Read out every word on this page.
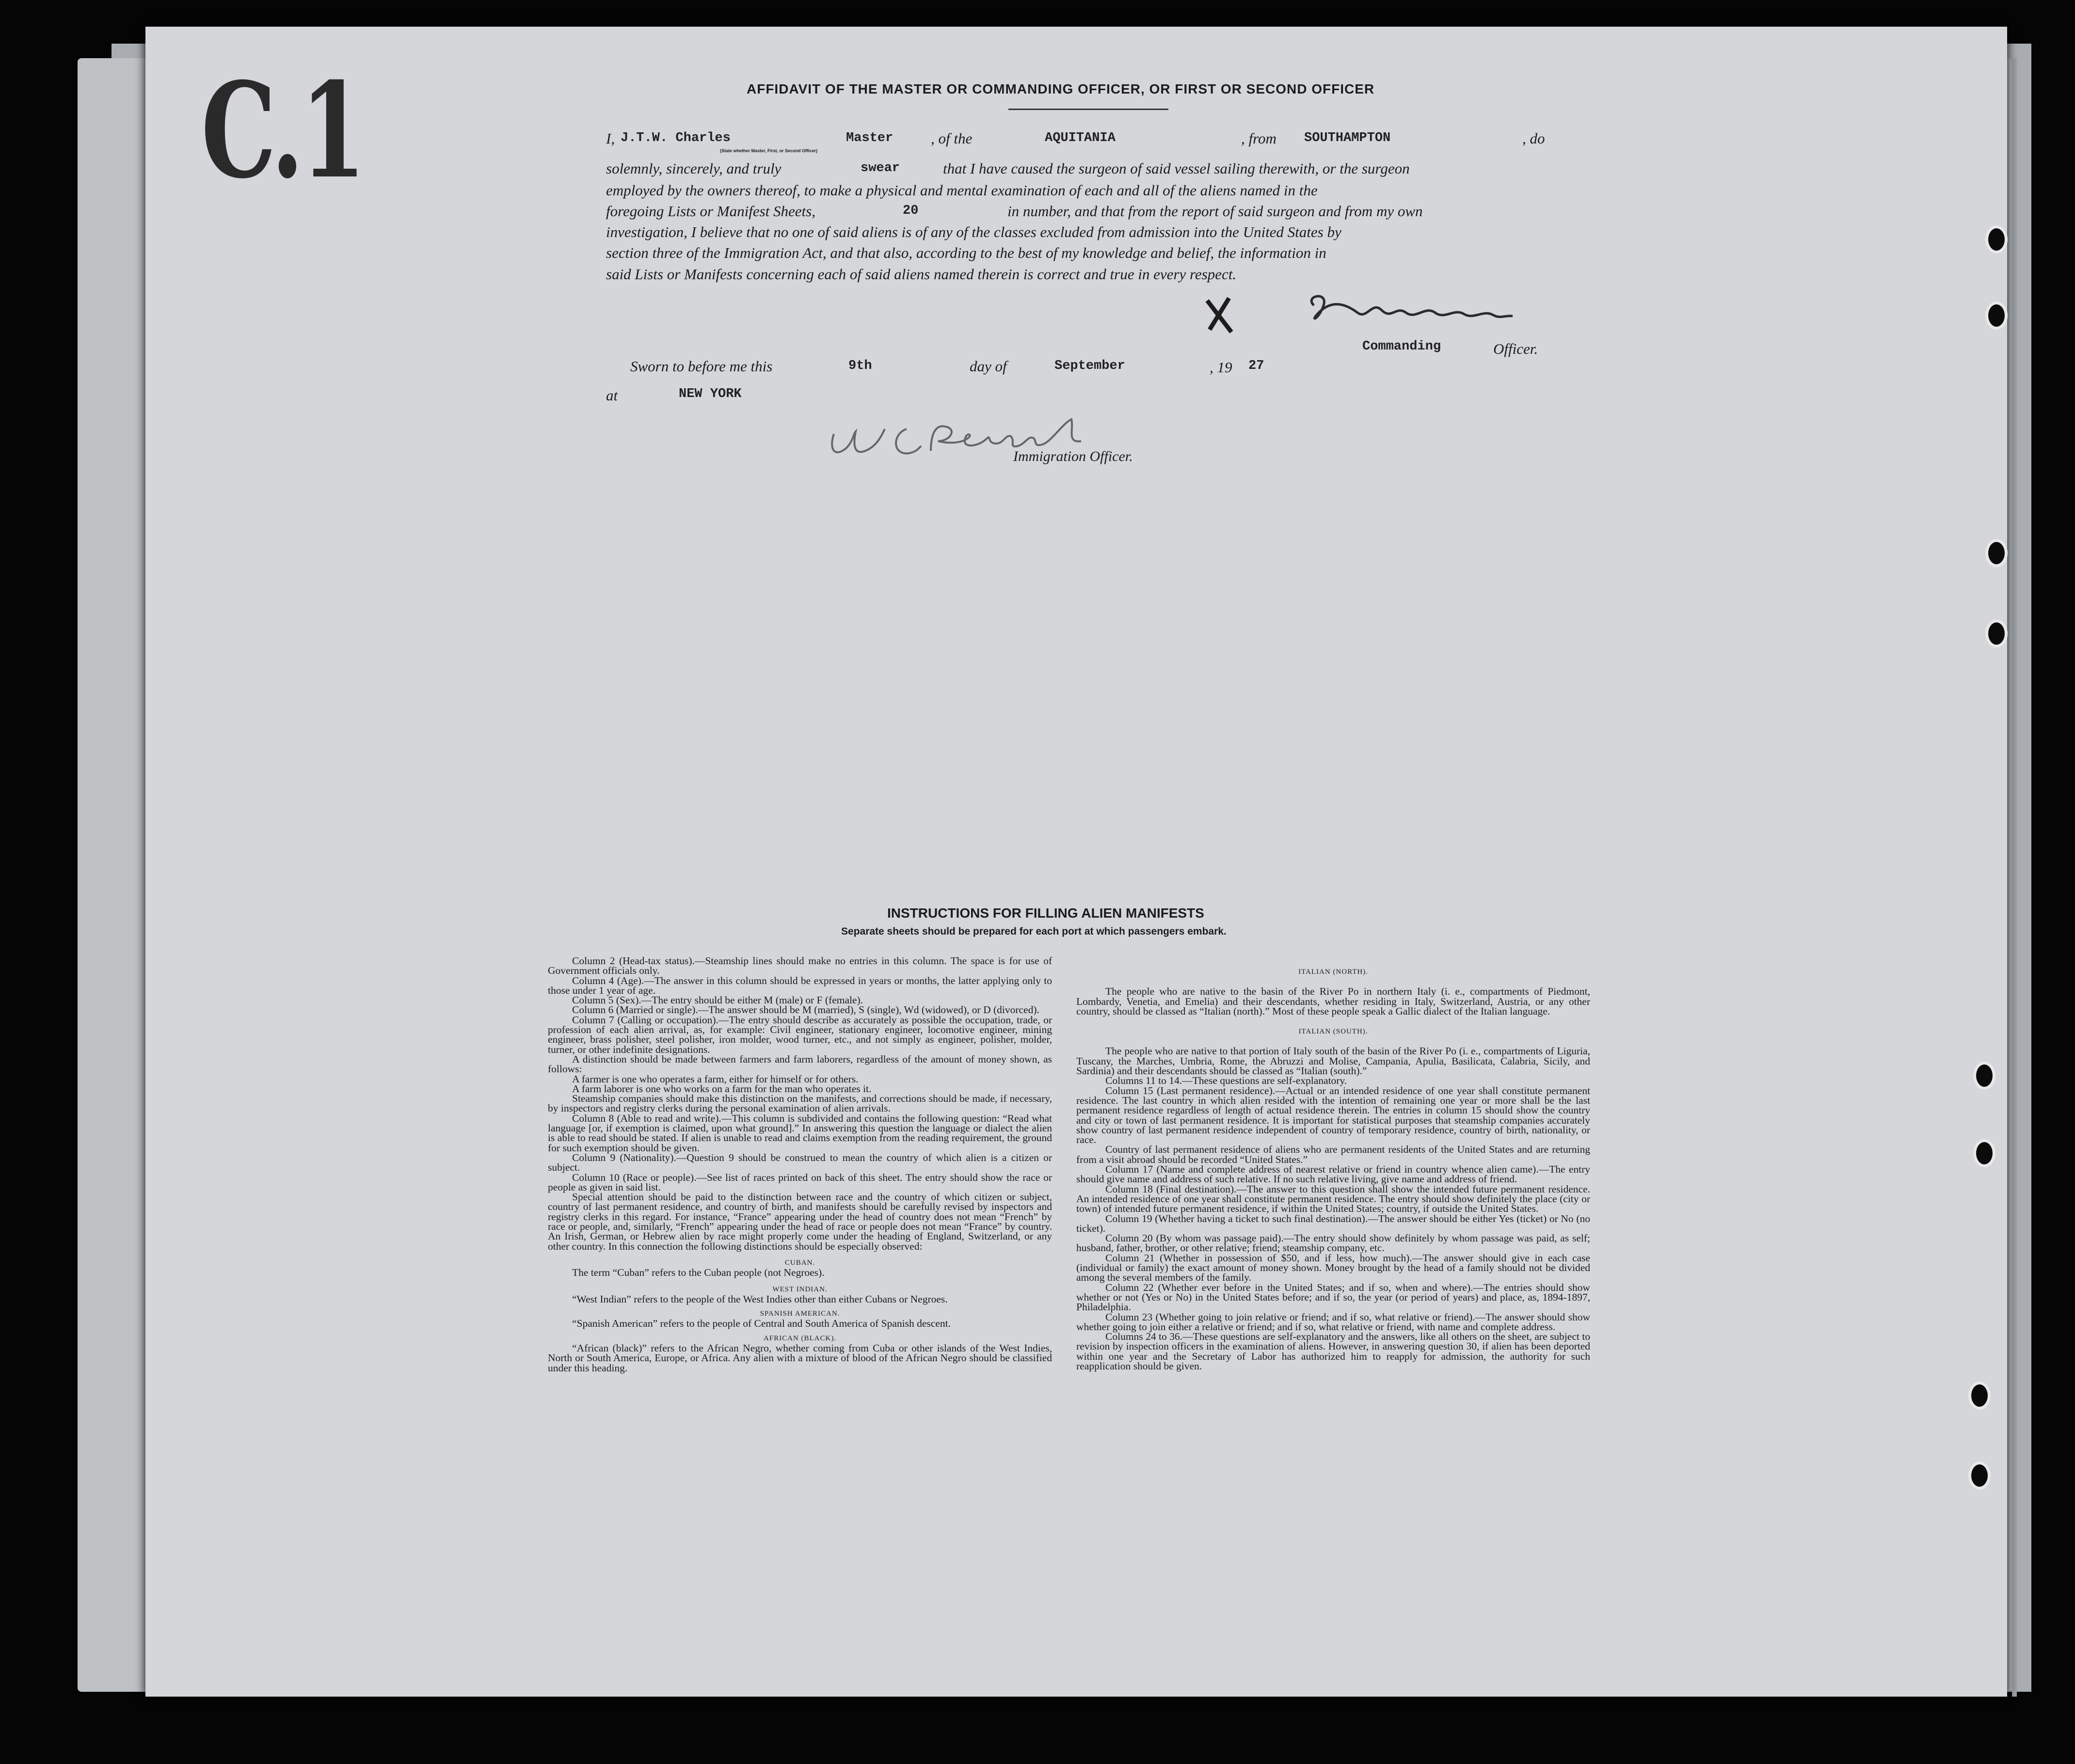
C.1	AFFIDAVIT OF THE MASTER OR COMMANDING OFFICER, OR FIRST OR SECOND OFFICER
I, J.T.W. Charles	Master	, of the	AQUITANIA	, from SOUTHAMPTON	, do
(State whether Master, First, or Second Officer)
solemnly, sincerely, and truly	swear	that I have caused the surgeon of said vessel sailing therewith, or the surgeon
employed by the owners thereof, to make a physical and mental examination of each and all of the aliens named in the
foregoing Lists or Manifest Sheets,	20	in number, and that from the report of said surgeon and from my own
investigation, I believe that no one of said aliens is of any of the classes excluded from admission into the United States by
section three of the Immigration Act, and that also, according to the best of my knowledge and belief, the information in
said Lists or Manifests concerning each of said aliens named therein is correct and true in every respect.
Commanding	Officer.
Sworn to before me this	9th	day of	September	, 19 27
at	NEW YORK
Immigration Officer.
INSTRUCTIONS FOR FILLING ALIEN MANIFESTS
Separate sheets should be prepared for each port at which passengers embark.

Column 2 (Head-tax status).—Steamship lines should make no entries in this column. The space is for use of Government officials only.

Column 4 (Age).—The answer in this column should be expressed in years or months, the latter applying only to those under 1 year of age.

Column 5 (Sex).—The entry should be either M (male) or F (female).

Column 6 (Married or single).—The answer should be M (married), S (single), Wd (widowed), or D (divorced).

Column 7 (Calling or occupation).—The entry should describe as accurately as possible the occupation, trade, or profession of each alien arrival, as, for example: Civil engineer, stationary engineer, locomotive engineer, mining engineer, brass polisher, steel polisher, iron molder, wood turner, etc., and not simply as engineer, polisher, molder, turner, or other indefinite designations.

A distinction should be made between farmers and farm laborers, regardless of the amount of money shown, as follows:

A farmer is one who operates a farm, either for himself or for others.

A farm laborer is one who works on a farm for the man who operates it.

Steamship companies should make this distinction on the manifests, and corrections should be made, if necessary, by inspectors and registry clerks during the personal examination of alien arrivals.

Column 8 (Able to read and write).—This column is subdivided and contains the following question: “Read what language [or, if exemption is claimed, upon what ground].” In answering this question the language or dialect the alien is able to read should be stated. If alien is unable to read and claims exemption from the reading requirement, the ground for such exemption should be given.

Column 9 (Nationality).—Question 9 should be construed to mean the country of which alien is a citizen or subject.

Column 10 (Race or people).—See list of races printed on back of this sheet. The entry should show the race or people as given in said list.

Special attention should be paid to the distinction between race and the country of which citizen or subject, country of last permanent residence, and country of birth, and manifests should be carefully revised by inspectors and registry clerks in this regard. For instance, “France” appearing under the head of country does not mean “French” by race or people, and, similarly, “French” appearing under the head of race or people does not mean “France” by country. An Irish, German, or Hebrew alien by race might properly come under the heading of England, Switzerland, or any other country. In this connection the following distinctions should be especially observed:

CUBAN.

The term “Cuban” refers to the Cuban people (not Negroes).

WEST INDIAN.

“West Indian” refers to the people of the West Indies other than either Cubans or Negroes.

SPANISH AMERICAN.

“Spanish American” refers to the people of Central and South America of Spanish descent.

AFRICAN (BLACK).

“African (black)” refers to the African Negro, whether coming from Cuba or other islands of the West Indies, North or South America, Europe, or Africa. Any alien with a mixture of blood of the African Negro should be classified under this heading.

ITALIAN (NORTH).

The people who are native to the basin of the River Po in northern Italy (i. e., compartments of Piedmont, Lombardy, Venetia, and Emelia) and their descendants, whether residing in Italy, Switzerland, Austria, or any other country, should be classed as “Italian (north).” Most of these people speak a Gallic dialect of the Italian language.

ITALIAN (SOUTH).

The people who are native to that portion of Italy south of the basin of the River Po (i. e., compartments of Liguria, Tuscany, the Marches, Umbria, Rome, the Abruzzi and Molise, Campania, Apulia, Basilicata, Calabria, Sicily, and Sardinia) and their descendants should be classed as “Italian (south).”

Columns 11 to 14.—These questions are self-explanatory.

Column 15 (Last permanent residence).—Actual or an intended residence of one year shall constitute permanent residence. The last country in which alien resided with the intention of remaining one year or more shall be the last permanent residence regardless of length of actual residence therein. The entries in column 15 should show the country and city or town of last permanent residence. It is important for statistical purposes that steamship companies accurately show country of last permanent residence independent of country of temporary residence, country of birth, nationality, or race.

Country of last permanent residence of aliens who are permanent residents of the United States and are returning from a visit abroad should be recorded “United States.”

Column 17 (Name and complete address of nearest relative or friend in country whence alien came).—The entry should give name and address of such relative. If no such relative living, give name and address of friend.

Column 18 (Final destination).—The answer to this question shall show the intended future permanent residence. An intended residence of one year shall constitute permanent residence. The entry should show definitely the place (city or town) of intended future permanent residence, if within the United States; country, if outside the United States.

Column 19 (Whether having a ticket to such final destination).—The answer should be either Yes (ticket) or No (no ticket).

Column 20 (By whom was passage paid).—The entry should show definitely by whom passage was paid, as self; husband, father, brother, or other relative; friend; steamship company, etc.

Column 21 (Whether in possession of $50, and if less, how much).—The answer should give in each case (individual or family) the exact amount of money shown. Money brought by the head of a family should not be divided among the several members of the family.

Column 22 (Whether ever before in the United States; and if so, when and where).—The entries should show whether or not (Yes or No) in the United States before; and if so, the year (or period of years) and place, as, 1894-1897, Philadelphia.

Column 23 (Whether going to join relative or friend; and if so, what relative or friend).—The answer should show whether going to join either a relative or friend; and if so, what relative or friend, with name and complete address.

Columns 24 to 36.—These questions are self-explanatory and the answers, like all others on the sheet, are subject to revision by inspection officers in the examination of aliens. However, in answering question 30, if alien has been deported within one year and the Secretary of Labor has authorized him to reapply for admission, the authority for such reapplication should be given.
